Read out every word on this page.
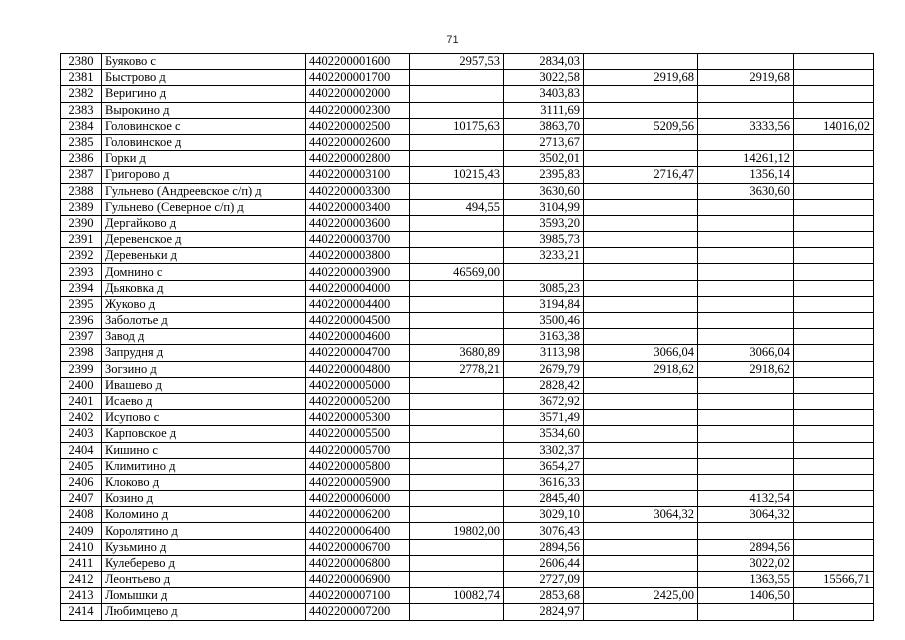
71
2380	Буяково с	4402200001600	2957,53	2834,03			
2381	Быстрово д	4402200001700		3022,58	2919,68	2919,68	
2382	Веригино д	4402200002000		3403,83			
2383	Выpокино д	4402200002300		3111,69			
2384	Головинское с	4402200002500	10175,63	3863,70	5209,56	3333,56	14016,02
2385	Головинское д	4402200002600		2713,67			
2386	Горки д	4402200002800		3502,01		14261,12	
2387	Григорово д	4402200003100	10215,43	2395,83	2716,47	1356,14	
2388	Гульнево (Андреевское с/п) д	4402200003300		3630,60		3630,60	
2389	Гульнево (Северное с/п) д	4402200003400	494,55	3104,99			
2390	Дергайково д	4402200003600		3593,20			
2391	Деревенское д	4402200003700		3985,73			
2392	Деревеньки д	4402200003800		3233,21			
2393	Домнино с	4402200003900	46569,00				
2394	Дьяковка д	4402200004000		3085,23			
2395	Жуково д	4402200004400		3194,84			
2396	Заболотье д	4402200004500		3500,46			
2397	Завод д	4402200004600		3163,38			
2398	Запрудня д	4402200004700	3680,89	3113,98	3066,04	3066,04	
2399	Зогзино д	4402200004800	2778,21	2679,79	2918,62	2918,62	
2400	Ивашево д	4402200005000		2828,42			
2401	Исаево д	4402200005200		3672,92			
2402	Исупово с	4402200005300		3571,49			
2403	Карповское д	4402200005500		3534,60			
2404	Кишино с	4402200005700		3302,37			
2405	Климитино д	4402200005800		3654,27			
2406	Клоково д	4402200005900		3616,33			
2407	Козино д	4402200006000		2845,40		4132,54	
2408	Коломино д	4402200006200		3029,10	3064,32	3064,32	
2409	Королятино д	4402200006400	19802,00	3076,43			
2410	Кузьмино д	4402200006700		2894,56		2894,56	
2411	Кулеберево д	4402200006800		2606,44		3022,02	
2412	Леонтьево д	4402200006900		2727,09		1363,55	15566,71
2413	Ломышки д	4402200007100	10082,74	2853,68	2425,00	1406,50	
2414	Любимцево д	4402200007200		2824,97			
